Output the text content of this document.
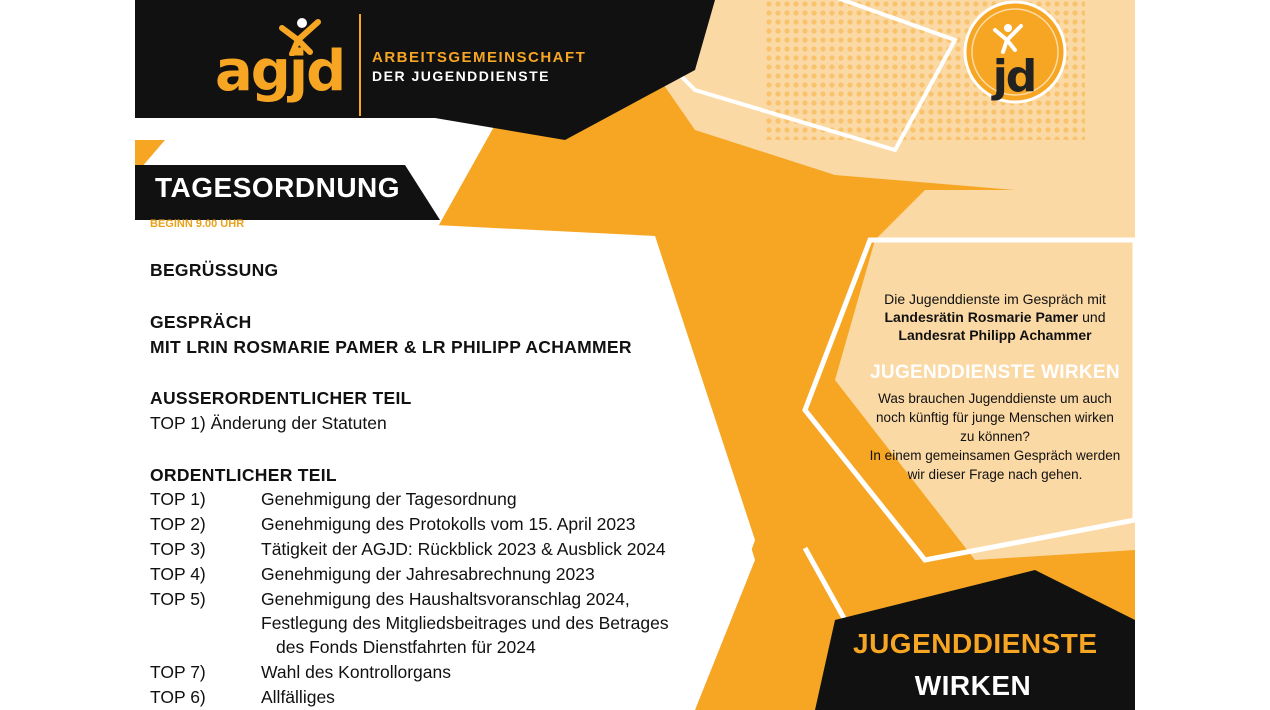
agjd ARBEITSGEMEINSCHAFT
DER JUGENDDIENSTE	jd
TAGESORDNUNG
BEGINN 9.00 UHR
BEGRÜSSUNG
GESPRÄCH
MIT LRIN ROSMARIE PAMER & LR PHILIPP ACHAMMER
AUSSERORDENTLICHER TEIL
TOP 1) Änderung der Statuten
ORDENTLICHER TEIL
TOP 1)	Genehmigung der Tagesordnung
TOP 2)	Genehmigung des Protokolls vom 15. April 2023
TOP 3)	Tätigkeit der AGJD: Rückblick 2023 & Ausblick 2024
TOP 4)	Genehmigung der Jahresabrechnung 2023
TOP 5)	Genehmigung des Haushaltsvoranschlag 2024,
Festlegung des Mitgliedsbeitrages und des Betrages
des Fonds Dienstfahrten für 2024
TOP 7)	Wahl des Kontrollorgans
TOP 6)	Allfälliges
Die Jugenddienste im Gespräch mit
Landesrätin Rosmarie Pamer und
Landesrat Philipp Achammer
JUGENDDIENSTE WIRKEN
Was brauchen Jugenddienste um auch
noch künftig für junge Menschen wirken
zu können?
In einem gemeinsamen Gespräch werden
wir dieser Frage nach gehen.
JUGENDDIENSTE
WIRKEN
